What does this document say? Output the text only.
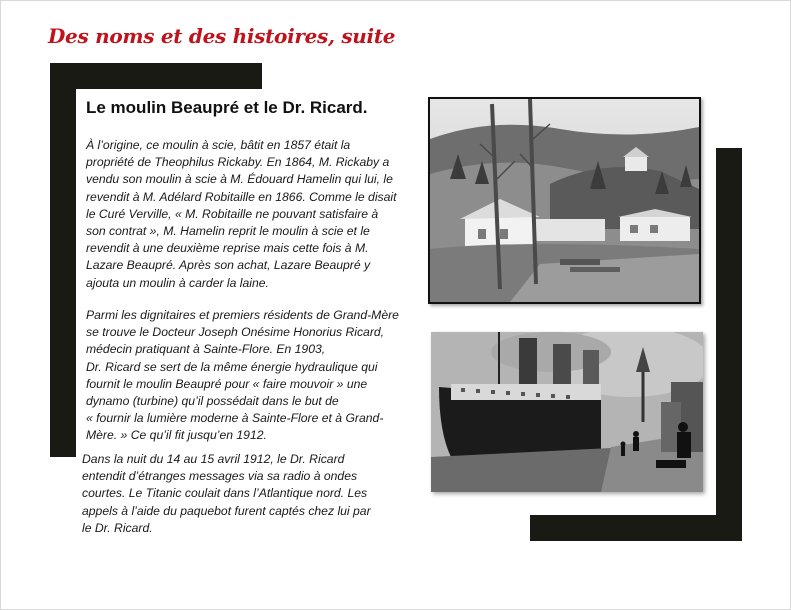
Des noms et des histoires, suite
Le moulin Beaupré et le Dr. Ricard.
À l’origine, ce moulin à scie, bâtit en 1857 était la
propriété de Theophilus Rickaby. En 1864, M. Rickaby a
vendu son moulin à scie à M. Édouard Hamelin qui lui, le
revendit à M. Adélard Robitaille en 1866. Comme le disait
le Curé Verville, « M. Robitaille ne pouvant satisfaire à
son contrat », M. Hamelin reprit le moulin à scie et le
revendit à une deuxième reprise mais cette fois à M.
Lazare Beaupré. Après son achat, Lazare Beaupré y
ajouta un moulin à carder la laine.
Parmi les dignitaires et premiers résidents de Grand-Mère
se trouve le Docteur Joseph Onésime Honorius Ricard,
médecin pratiquant à Sainte-Flore. En 1903,
Dr. Ricard se sert de la même énergie hydraulique qui
fournit le moulin Beaupré pour « faire mouvoir » une
dynamo (turbine) qu’il possédait dans le but de
« fournir la lumière moderne à Sainte-Flore et à Grand-
Mère. » Ce qu’il fit jusqu’en 1912.
Dans la nuit du 14 au 15 avril 1912, le Dr. Ricard
entendit d’étranges messages via sa radio à ondes
courtes. Le Titanic coulait dans l’Atlantique nord. Les
appels à l’aide du paquebot furent captés chez lui par
le Dr. Ricard.
